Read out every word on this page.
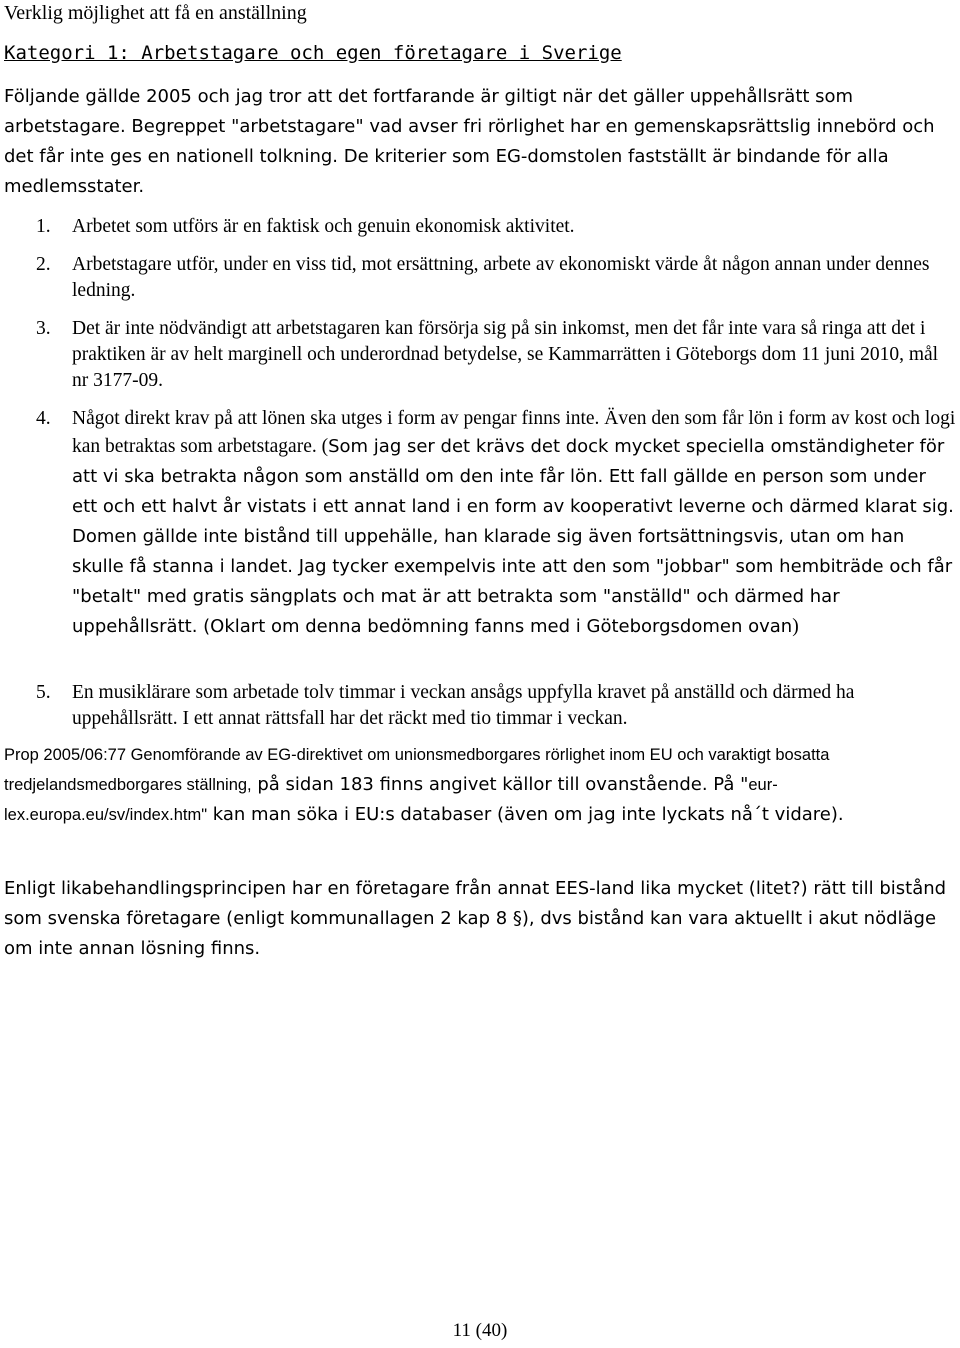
Verklig möjlighet att få en anställning
Kategori 1: Arbetstagare och egen företagare i Sverige
Följande gällde 2005 och jag tror att det fortfarande är giltigt när det gäller uppehållsrätt som arbetstagare. Begreppet "arbetstagare" vad avser fri rörlighet har en gemenskapsrättslig innebörd och det får inte ges en nationell tolkning. De kriterier som EG-domstolen fastställt är bindande för alla medlemsstater.
1. Arbetet som utförs är en faktisk och genuin ekonomisk aktivitet.
2. Arbetstagare utför, under en viss tid, mot ersättning, arbete av ekonomiskt värde åt någon annan under dennes ledning.
3. Det är inte nödvändigt att arbetstagaren kan försörja sig på sin inkomst, men det får inte vara så ringa att det i praktiken är av helt marginell och underordnad betydelse, se Kammarrätten i Göteborgs dom 11 juni 2010, mål nr 3177-09.
4. Något direkt krav på att lönen ska utges i form av pengar finns inte. Även den som får lön i form av kost och logi kan betraktas som arbetstagare. (Som jag ser det krävs det dock mycket speciella omständigheter för att vi ska betrakta någon som anställd om den inte får lön. Ett fall gällde en person som under ett och ett halvt år vistats i ett annat land i en form av kooperativt leverne och därmed klarat sig. Domen gällde inte bistånd till uppehälle, han klarade sig även fortsättningsvis, utan om han skulle få stanna i landet. Jag tycker exempelvis inte att den som "jobbar" som hembiträde och får "betalt" med gratis sängplats och mat är att betrakta som "anställd" och därmed har uppehållsrätt. (Oklart om denna bedömning fanns med i Göteborgsdomen ovan)
5. En musiklärare som arbetade tolv timmar i veckan ansågs uppfylla kravet på anställd och därmed ha uppehållsrätt. I ett annat rättsfall har det räckt med tio timmar i veckan.
Prop 2005/06:77 Genomförande av EG-direktivet om unionsmedborgares rörlighet inom EU och varaktigt bosatta tredjelandsmedborgares ställning, på sidan 183 finns angivet källor till ovanstående. På "eur-lex.europa.eu/sv/index.htm" kan man söka i EU:s databaser (även om jag inte lyckats nå´t vidare).
Enligt likabehandlingsprincipen har en företagare från annat EES-land lika mycket (litet?) rätt till bistånd som svenska företagare (enligt kommunallagen 2 kap 8 §), dvs bistånd kan vara aktuellt i akut nödläge om inte annan lösning finns.
11 (40)
